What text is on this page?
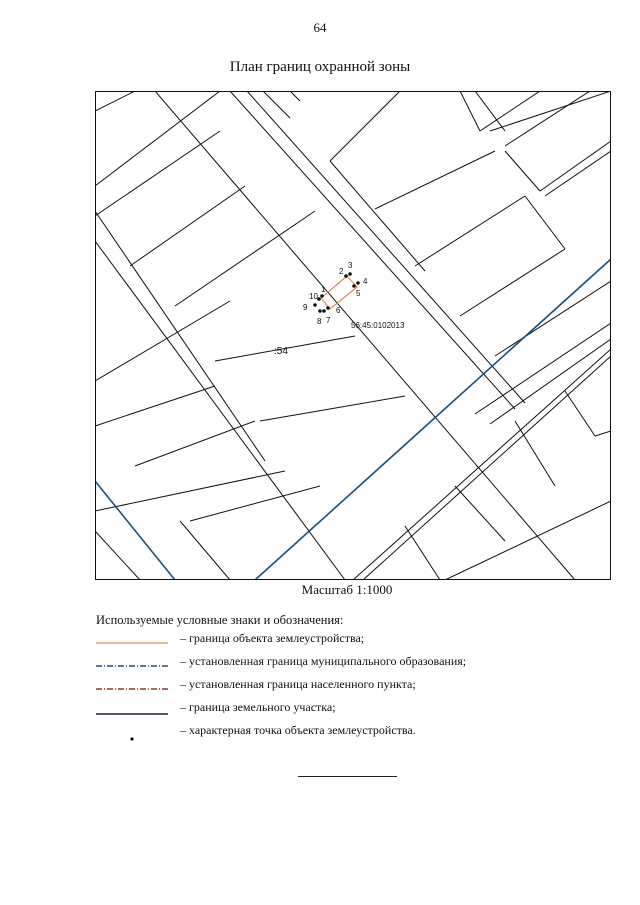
64
План границ охранной зоны
1
2
3
4
5
6
7
8
9
10
56:45:0102013
:54
Масштаб 1:1000
Используемые условные знаки и обозначения:
– граница объекта землеустройства;
– установленная граница муниципального образования;
– установленная граница населенного пункта;
– граница земельного участка;
– характерная точка объекта землеустройства.
